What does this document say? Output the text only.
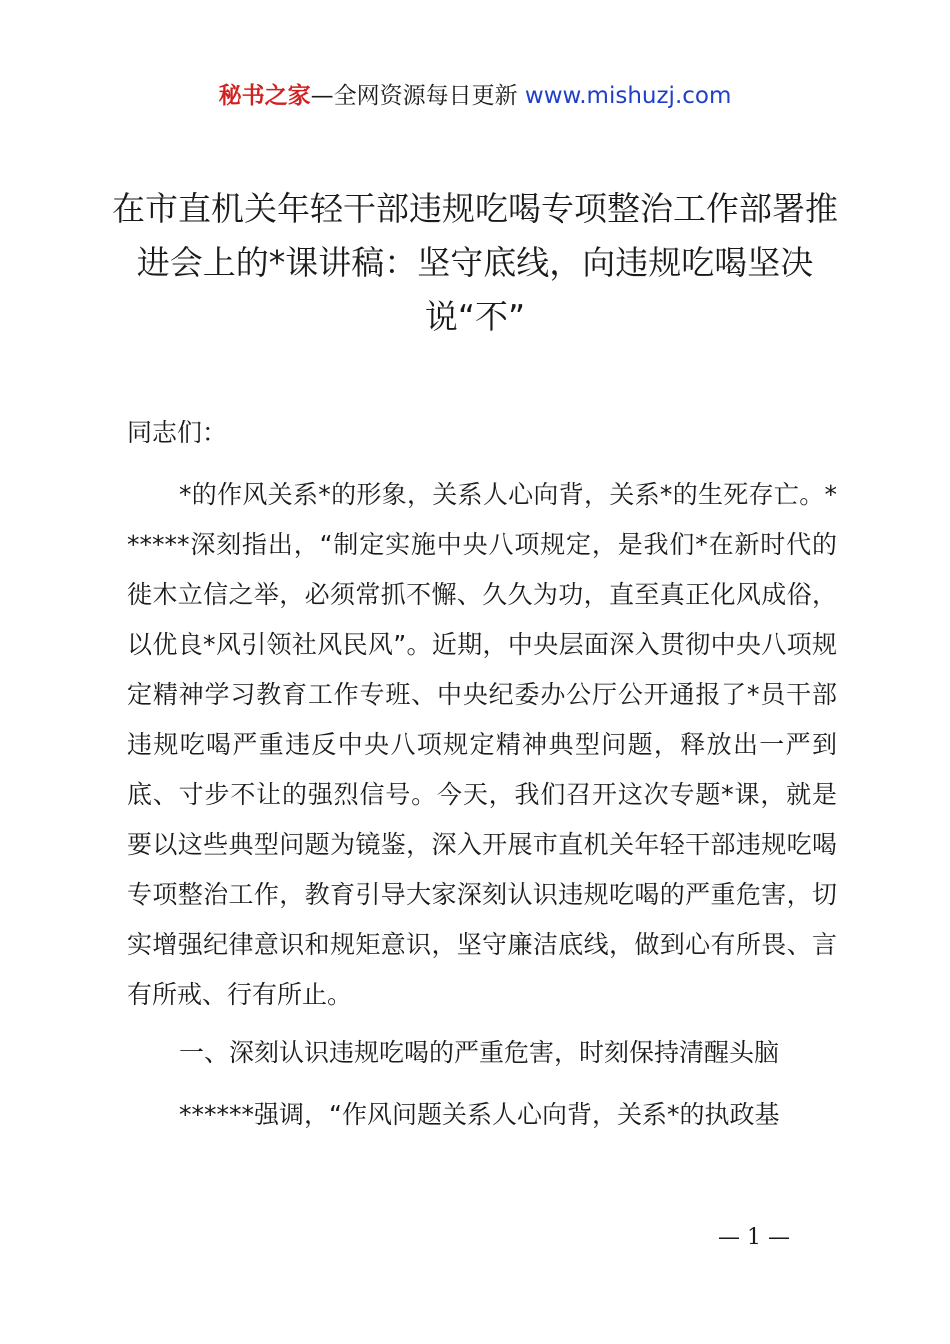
秘书之家—全网资源每日更新 www.mishuzj.com
在市直机关年轻干部违规吃喝专项整治工作部署推进会上的*课讲稿：坚守底线，向违规吃喝坚决说“不”
同志们：
*的作风关系*的形象，关系人心向背，关系*的生死存亡。******深刻指出，“制定实施中央八项规定，是我们*在新时代的徙木立信之举，必须常抓不懈、久久为功，直至真正化风成俗，以优良*风引领社风民风”。近期，中央层面深入贯彻中央八项规定精神学习教育工作专班、中央纪委办公厅公开通报了*员干部违规吃喝严重违反中央八项规定精神典型问题，释放出一严到底、寸步不让的强烈信号。今天，我们召开这次专题*课，就是要以这些典型问题为镜鉴，深入开展市直机关年轻干部违规吃喝专项整治工作，教育引导大家深刻认识违规吃喝的严重危害，切实增强纪律意识和规矩意识，坚守廉洁底线，做到心有所畏、言有所戒、行有所止。
一、深刻认识违规吃喝的严重危害，时刻保持清醒头脑
******强调，“作风问题关系人心向背，关系*的执政基
— 1 —
